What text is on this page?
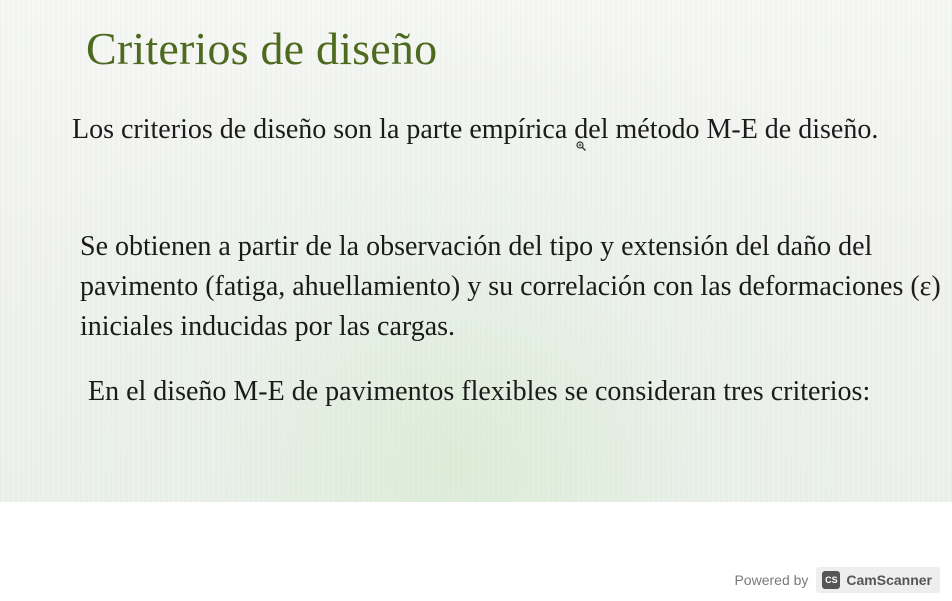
Criterios de diseño

Los criterios de diseño son la parte empírica del método M-E de diseño.

Se obtienen a partir de la observación del tipo y extensión del daño del pavimento (fatiga, ahuellamiento) y su correlación con las deformaciones (ε) iniciales inducidas por las cargas.

En el diseño M-E de pavimentos flexibles se consideran tres criterios:

Powered by	CS CamScanner
